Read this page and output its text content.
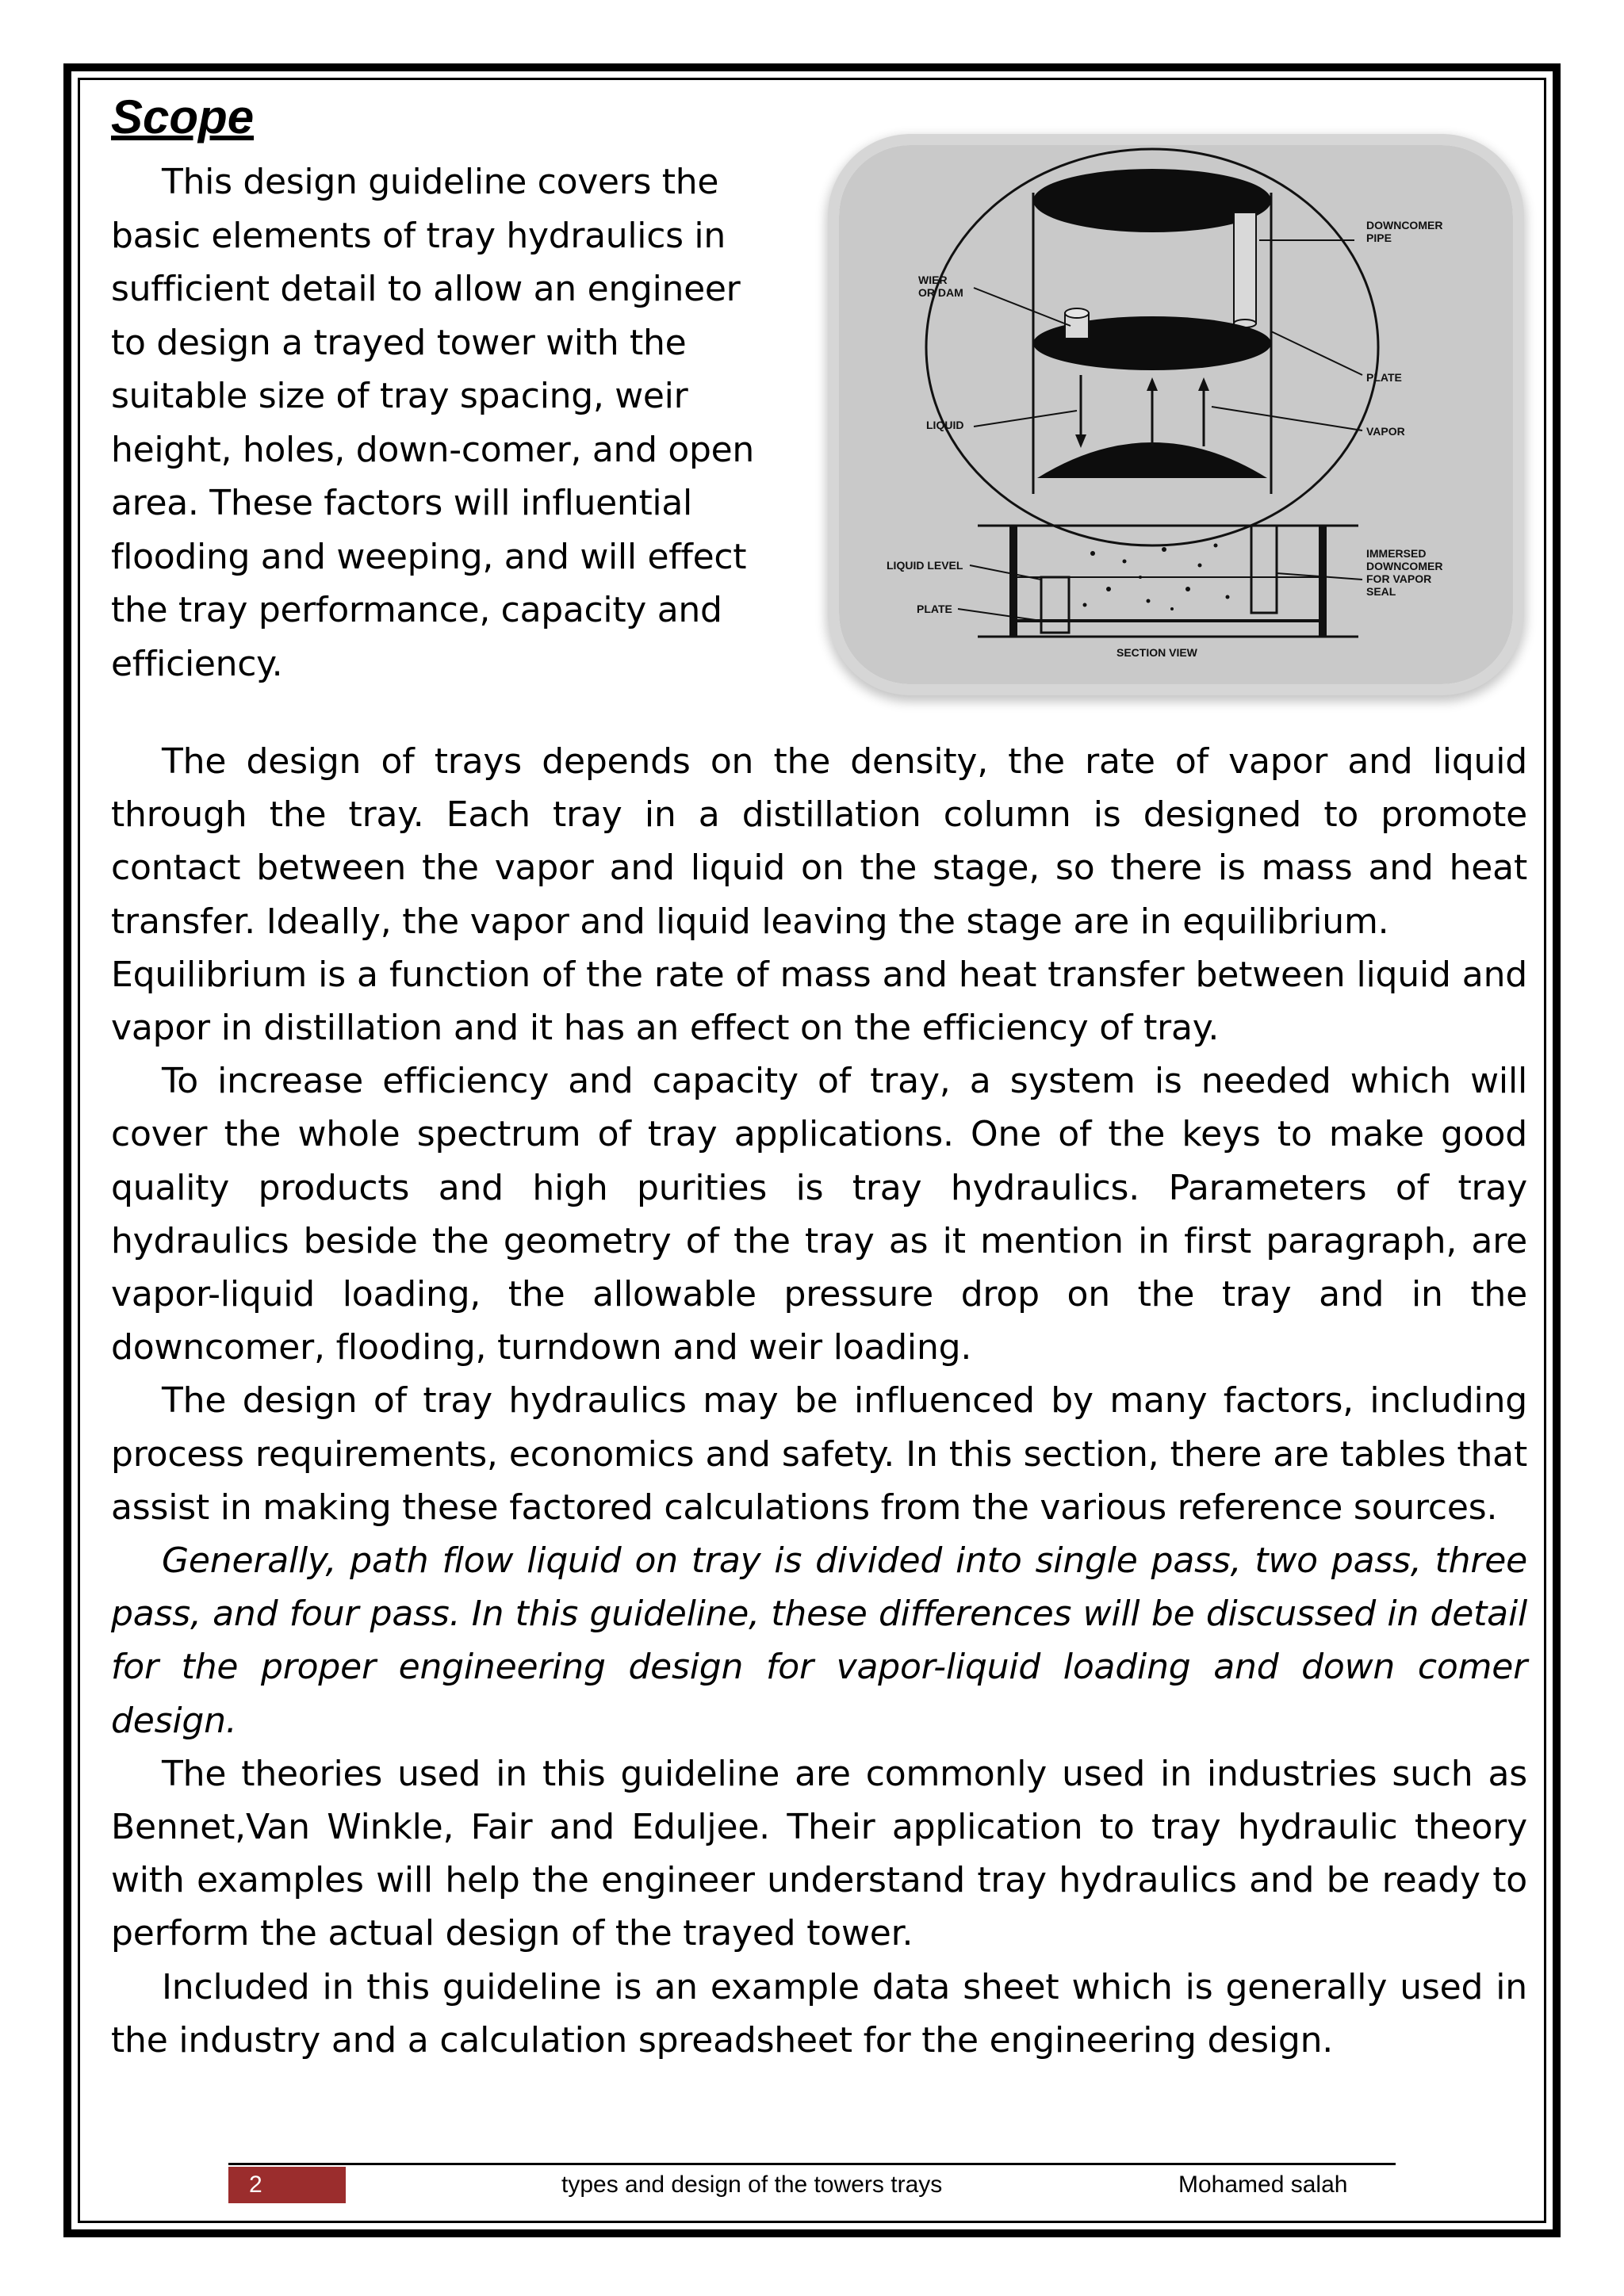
Scope

This design guideline covers the basic elements of tray hydraulics in sufficient detail to allow an engineer to design a trayed tower with the suitable size of tray spacing, weir height, holes, down-comer, and open area. These factors will influential flooding and weeping, and will effect the tray performance, capacity and efficiency.

DOWNCOMER
PIPE
WIER
OR DAM
PLATE
LIQUID	VAPOR
LIQUID LEVEL
PLATE
IMMERSED
DOWNCOMER
FOR VAPOR
SEAL
SECTION VIEW

The design of trays depends on the density, the rate of vapor and liquid through the tray. Each tray in a distillation column is designed to promote contact between the vapor and liquid on the stage, so there is mass and heat transfer. Ideally, the vapor and liquid leaving the stage are in equilibrium.

Equilibrium is a function of the rate of mass and heat transfer between liquid and vapor in distillation and it has an effect on the efficiency of tray.

To increase efficiency and capacity of tray, a system is needed which will cover the whole spectrum of tray applications. One of the keys to make good quality products and high purities is tray hydraulics. Parameters of tray hydraulics beside the geometry of the tray as it mention in first paragraph, are vapor-liquid loading, the allowable pressure drop on the tray and in the downcomer, flooding, turndown and weir loading.

The design of tray hydraulics may be influenced by many factors, including process requirements, economics and safety. In this section, there are tables that assist in making these factored calculations from the various reference sources.

Generally, path flow liquid on tray is divided into single pass, two pass, three pass, and four pass. In this guideline, these differences will be discussed in detail for the proper engineering design for vapor-liquid loading and down comer design.

The theories used in this guideline are commonly used in industries such as Bennet,Van Winkle, Fair and Eduljee. Their application to tray hydraulic theory with examples will help the engineer understand tray hydraulics and be ready to perform the actual design of the trayed tower.

Included in this guideline is an example data sheet which is generally used in the industry and a calculation spreadsheet for the engineering design.

2	types and design of the towers trays	Mohamed salah
